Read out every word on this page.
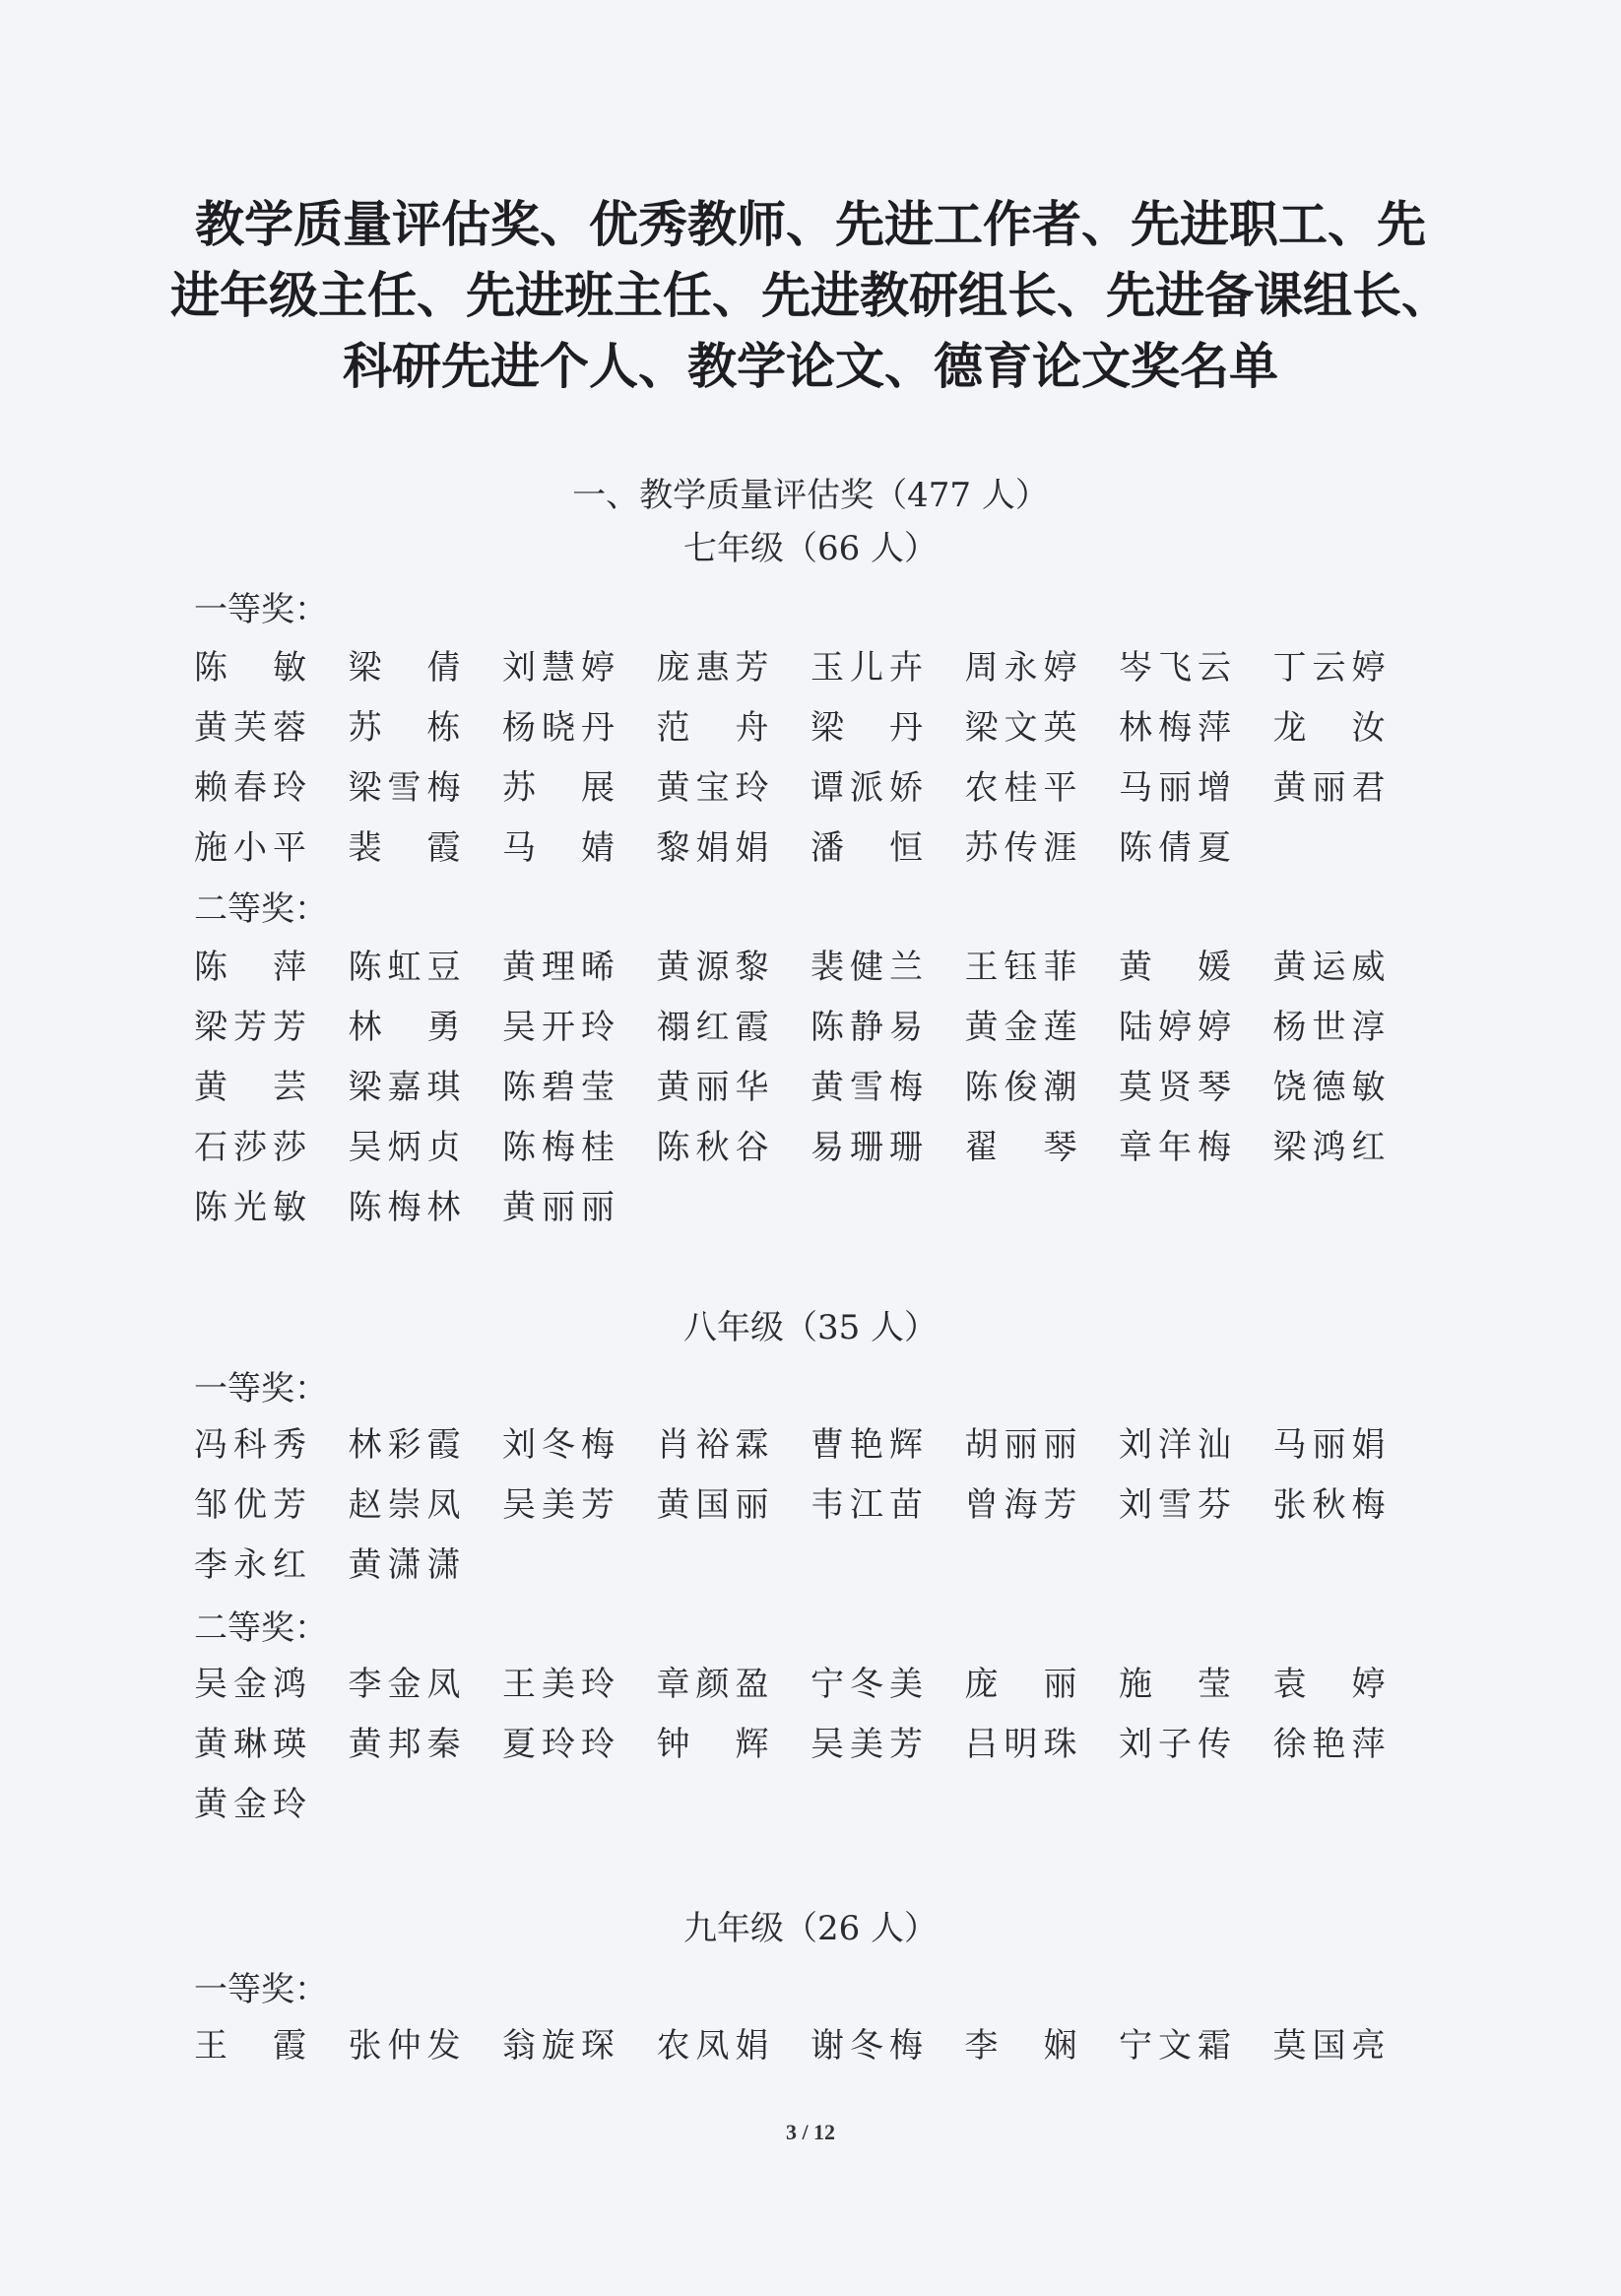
教学质量评估奖、优秀教师、先进工作者、先进职工、先
进年级主任、先进班主任、先进教研组长、先进备课组长、
科研先进个人、教学论文、德育论文奖名单
一、教学质量评估奖（477 人）
七年级（66 人）
一等奖：
陈 敏 梁 倩 刘 慧 婷 庞 惠 芳 玉 儿 卉 周 永 婷 岑 飞 云 丁 云 婷
黄 芙 蓉 苏 栋 杨 晓 丹 范 舟 梁 丹 梁 文 英 林 梅 萍 龙 汝
赖 春 玲 梁 雪 梅 苏 展 黄 宝 玲 谭 派 娇 农 桂 平 马 丽 增 黄 丽 君
施 小 平 裴 霞 马 婧 黎 娟 娟 潘 恒 苏 传 涯 陈 倩 夏
二等奖：
陈 萍 陈 虹 豆 黄 理 晞 黄 源 黎 裴 健 兰 王 钰 菲 黄 媛 黄 运 威
梁 芳 芳 林 勇 吴 开 玲 禤 红 霞 陈 静 易 黄 金 莲 陆 婷 婷 杨 世 淳
黄 芸 梁 嘉 琪 陈 碧 莹 黄 丽 华 黄 雪 梅 陈 俊 潮 莫 贤 琴 饶 德 敏
石 莎 莎 吴 炳 贞 陈 梅 桂 陈 秋 谷 易 珊 珊 翟 琴 章 年 梅 梁 鸿 红
陈 光 敏 陈 梅 林 黄 丽 丽
八年级（35 人）
一等奖：
冯 科 秀 林 彩 霞 刘 冬 梅 肖 裕 霖 曹 艳 辉 胡 丽 丽 刘 洋 汕 马 丽 娟
邹 优 芳 赵 崇 凤 吴 美 芳 黄 国 丽 韦 江 苗 曾 海 芳 刘 雪 芬 张 秋 梅
李 永 红 黄 潇 潇
二等奖：
吴 金 鸿 李 金 凤 王 美 玲 章 颜 盈 宁 冬 美 庞 丽 施 莹 袁 婷
黄 琳 瑛 黄 邦 秦 夏 玲 玲 钟 辉 吴 美 芳 吕 明 珠 刘 子 传 徐 艳 萍
黄 金 玲
九年级（26 人）
一等奖：
王 霞 张 仲 发 翁 旋 琛 农 凤 娟 谢 冬 梅 李 娴 宁 文 霜 莫 国 亮
3 / 12
